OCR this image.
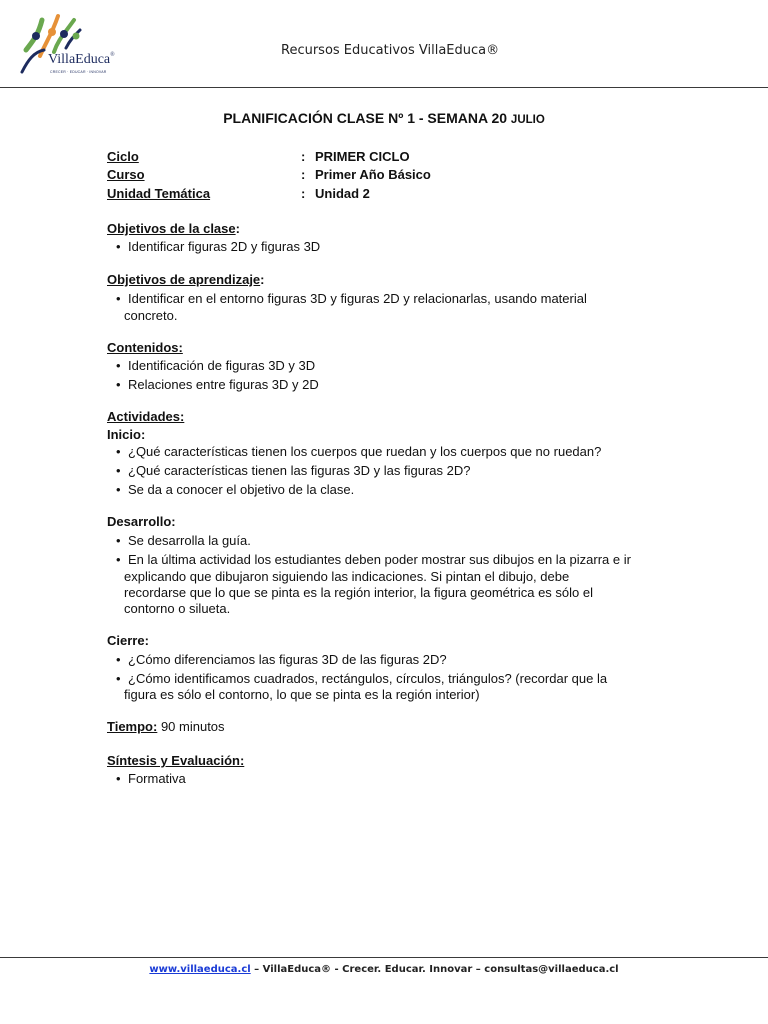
VillaEduca®
CRECER · EDUCAR · INNOVAR
Recursos Educativos VillaEduca®
PLANIFICACIÓN CLASE Nº 1 - SEMANA 20 JULIO
Ciclo	: PRIMER CICLO
Curso	: Primer Año Básico
Unidad Temática	: Unidad 2
Objetivos de la clase:
• Identificar figuras 2D y figuras 3D
Objetivos de aprendizaje:
• Identificar en el entorno figuras 3D y figuras 2D y relacionarlas, usando material
concreto.
Contenidos:
• Identificación de figuras 3D y 3D
• Relaciones entre figuras 3D y 2D
Actividades:
Inicio:
• ¿Qué características tienen los cuerpos que ruedan y los cuerpos que no ruedan?
• ¿Qué características tienen las figuras 3D y las figuras 2D?
• Se da a conocer el objetivo de la clase.
Desarrollo:
• Se desarrolla la guía.
• En la última actividad los estudiantes deben poder mostrar sus dibujos en la pizarra e ir
explicando que dibujaron siguiendo las indicaciones. Si pintan el dibujo, debe
recordarse que lo que se pinta es la región interior, la figura geométrica es sólo el
contorno o silueta.
Cierre:
• ¿Cómo diferenciamos las figuras 3D de las figuras 2D?
• ¿Cómo identificamos cuadrados, rectángulos, círculos, triángulos? (recordar que la
figura es sólo el contorno, lo que se pinta es la región interior)
Tiempo: 90 minutos
Síntesis y Evaluación:
• Formativa
www.villaeduca.cl – VillaEduca® - Crecer. Educar. Innovar – consultas@villaeduca.cl
